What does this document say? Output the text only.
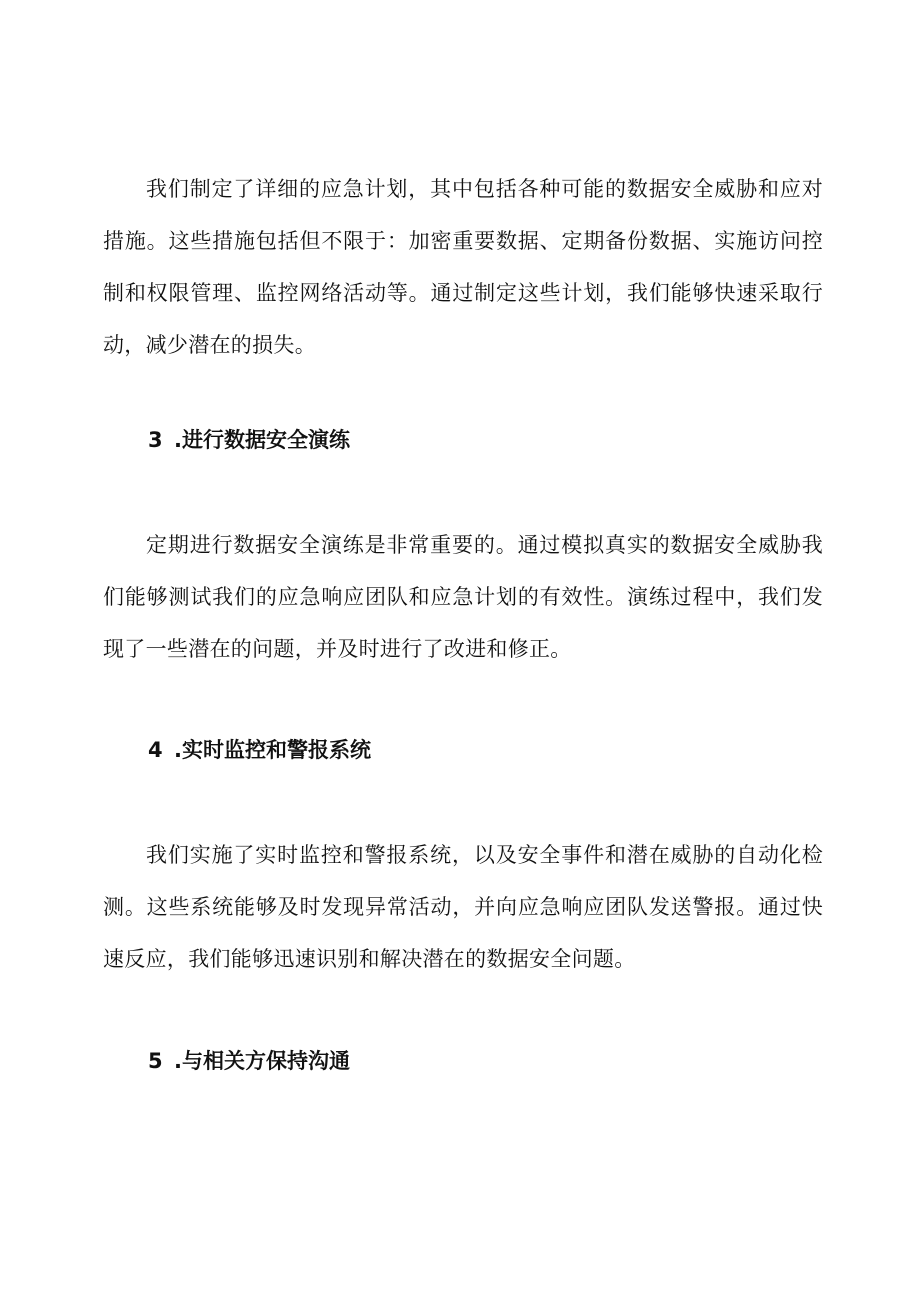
我们制定了详细的应急计划，其中包括各种可能的数据安全威胁和应对措施。这些措施包括但不限于：加密重要数据、定期备份数据、实施访问控制和权限管理、监控网络活动等。通过制定这些计划，我们能够快速采取行动，减少潜在的损失。

3 .进行数据安全演练

定期进行数据安全演练是非常重要的。通过模拟真实的数据安全威胁我们能够测试我们的应急响应团队和应急计划的有效性。演练过程中，我们发现了一些潜在的问题，并及时进行了改进和修正。

4 .实时监控和警报系统

我们实施了实时监控和警报系统，以及安全事件和潜在威胁的自动化检测。这些系统能够及时发现异常活动，并向应急响应团队发送警报。通过快速反应，我们能够迅速识别和解决潜在的数据安全问题。

5 .与相关方保持沟通
